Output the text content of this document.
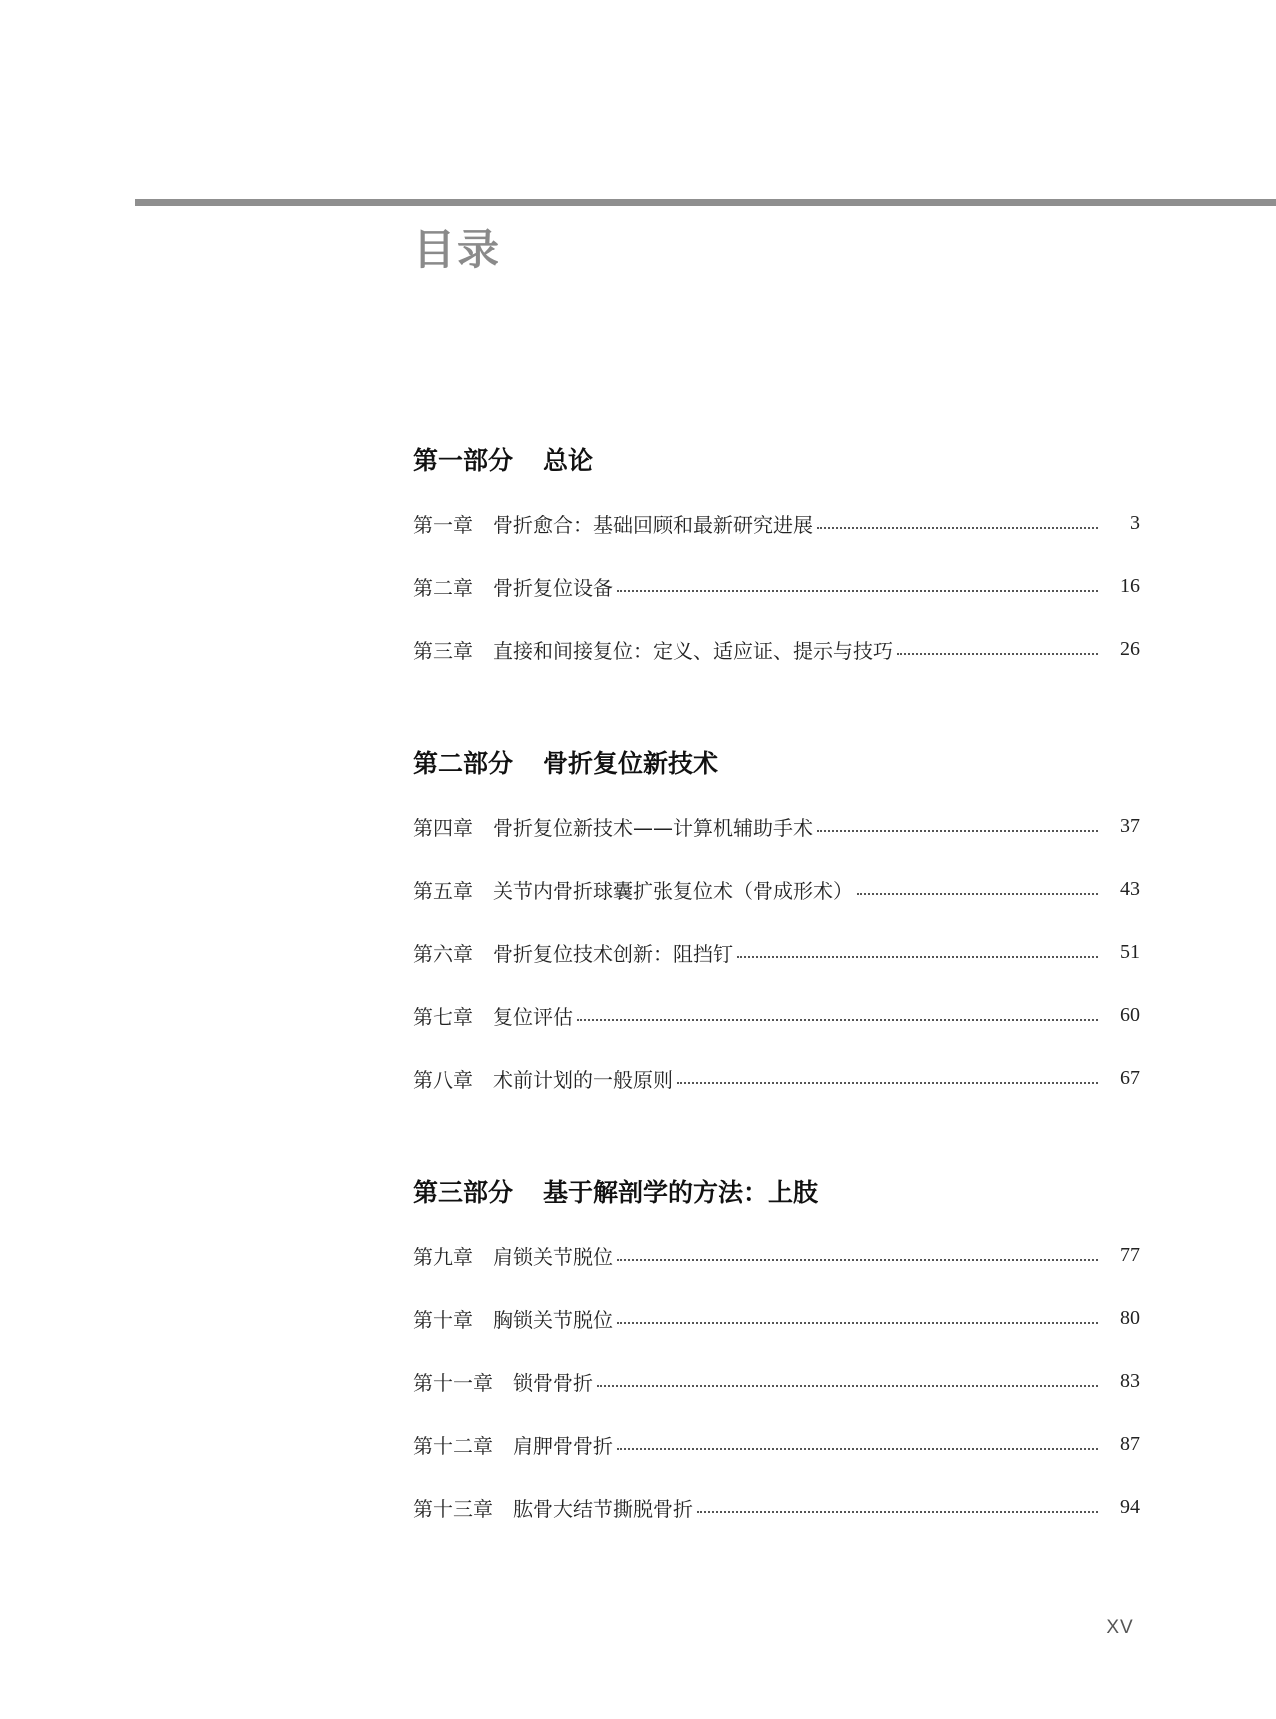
目录
第一部分 总论
第一章 骨折愈合：基础回顾和最新研究进展	3
第二章 骨折复位设备	16
第三章 直接和间接复位：定义、适应证、提示与技巧	26
第二部分 骨折复位新技术
第四章 骨折复位新技术——计算机辅助手术	37
第五章 关节内骨折球囊扩张复位术（骨成形术）	43
第六章 骨折复位技术创新：阻挡钉	51
第七章 复位评估	60
第八章 术前计划的一般原则	67
第三部分 基于解剖学的方法：上肢
第九章 肩锁关节脱位	77
第十章 胸锁关节脱位	80
第十一章 锁骨骨折	83
第十二章 肩胛骨骨折	87
第十三章 肱骨大结节撕脱骨折	94
XV
